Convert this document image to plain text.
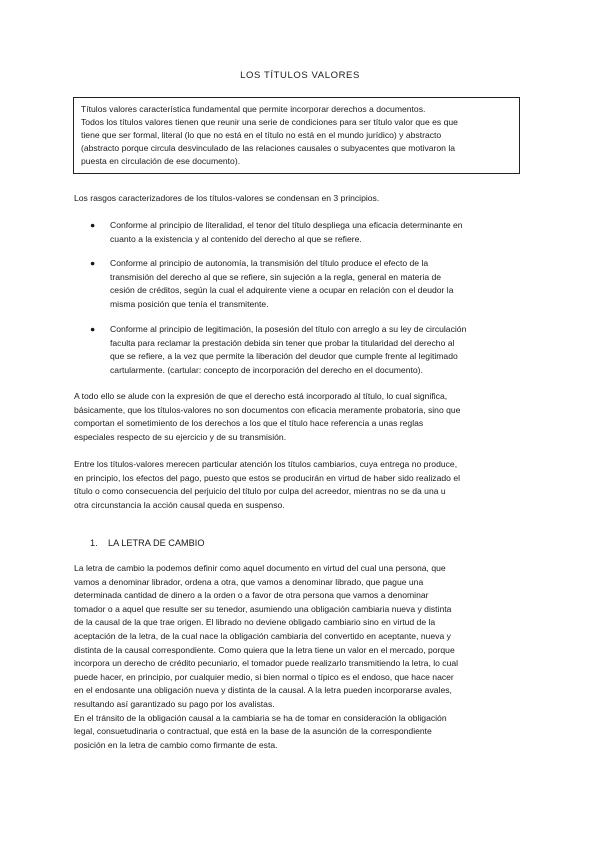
LOS TÍTULOS VALORES
Títulos valores característica fundamental que permite incorporar derechos a documentos.
Todos los títulos valores tienen que reunir una serie de condiciones para ser título valor que es que
tiene que ser formal, literal (lo que no está en el título no está en el mundo jurídico) y abstracto
(abstracto porque circula desvinculado de las relaciones causales o subyacentes que motivaron la
puesta en circulación de ese documento).

Los rasgos caracterizadores de los títulos-valores se condensan en 3 principios.

●	Conforme al principio de literalidad, el tenor del título despliega una eficacia determinante en
cuanto a la existencia y al contenido del derecho al que se refiere.
●	Conforme al principio de autonomía, la transmisión del título produce el efecto de la
transmisión del derecho al que se refiere, sin sujeción a la regla, general en materia de
cesión de créditos, según la cual el adquirente viene a ocupar en relación con el deudor la
misma posición que tenía el transmitente.
●	Conforme al principio de legitimación, la posesión del título con arreglo a su ley de circulación
faculta para reclamar la prestación debida sin tener que probar la titularidad del derecho al
que se refiere, a la vez que permite la liberación del deudor que cumple frente al legitimado
cartularmente. (cartular: concepto de incorporación del derecho en el documento).
A todo ello se alude con la expresión de que el derecho está incorporado al título, lo cual significa,
básicamente, que los títulos-valores no son documentos con eficacia meramente probatoria, sino que
comportan el sometimiento de los derechos a los que el título hace referencia a unas reglas
especiales respecto de su ejercicio y de su transmisión.
Entre los títulos-valores merecen particular atención los títulos cambiarios, cuya entrega no produce,
en principio, los efectos del pago, puesto que estos se producirán en virtud de haber sido realizado el
título o como consecuencia del perjuicio del título por culpa del acreedor, mientras no se da una u
otra circunstancia la acción causal queda en suspenso.
1. LA LETRA DE CAMBIO
La letra de cambio la podemos definir como aquel documento en virtud del cual una persona, que
vamos a denominar librador, ordena a otra, que vamos a denominar librado, que pague una
determinada cantidad de dinero a la orden o a favor de otra persona que vamos a denominar
tomador o a aquel que resulte ser su tenedor, asumiendo una obligación cambiaria nueva y distinta
de la causal de la que trae origen. El librado no deviene obligado cambiario sino en virtud de la
aceptación de la letra, de la cual nace la obligación cambiaria del convertido en aceptante, nueva y
distinta de la causal correspondiente. Como quiera que la letra tiene un valor en el mercado, porque
incorpora un derecho de crédito pecuniario, el tomador puede realizarlo transmitiendo la letra, lo cual
puede hacer, en principio, por cualquier medio, si bien normal o típico es el endoso, que hace nacer
en el endosante una obligación nueva y distinta de la causal. A la letra pueden incorporarse avales,
resultando así garantizado su pago por los avalistas.
En el tránsito de la obligación causal a la cambiaria se ha de tomar en consideración la obligación
legal, consuetudinaria o contractual, que está en la base de la asunción de la correspondiente
posición en la letra de cambio como firmante de esta.
